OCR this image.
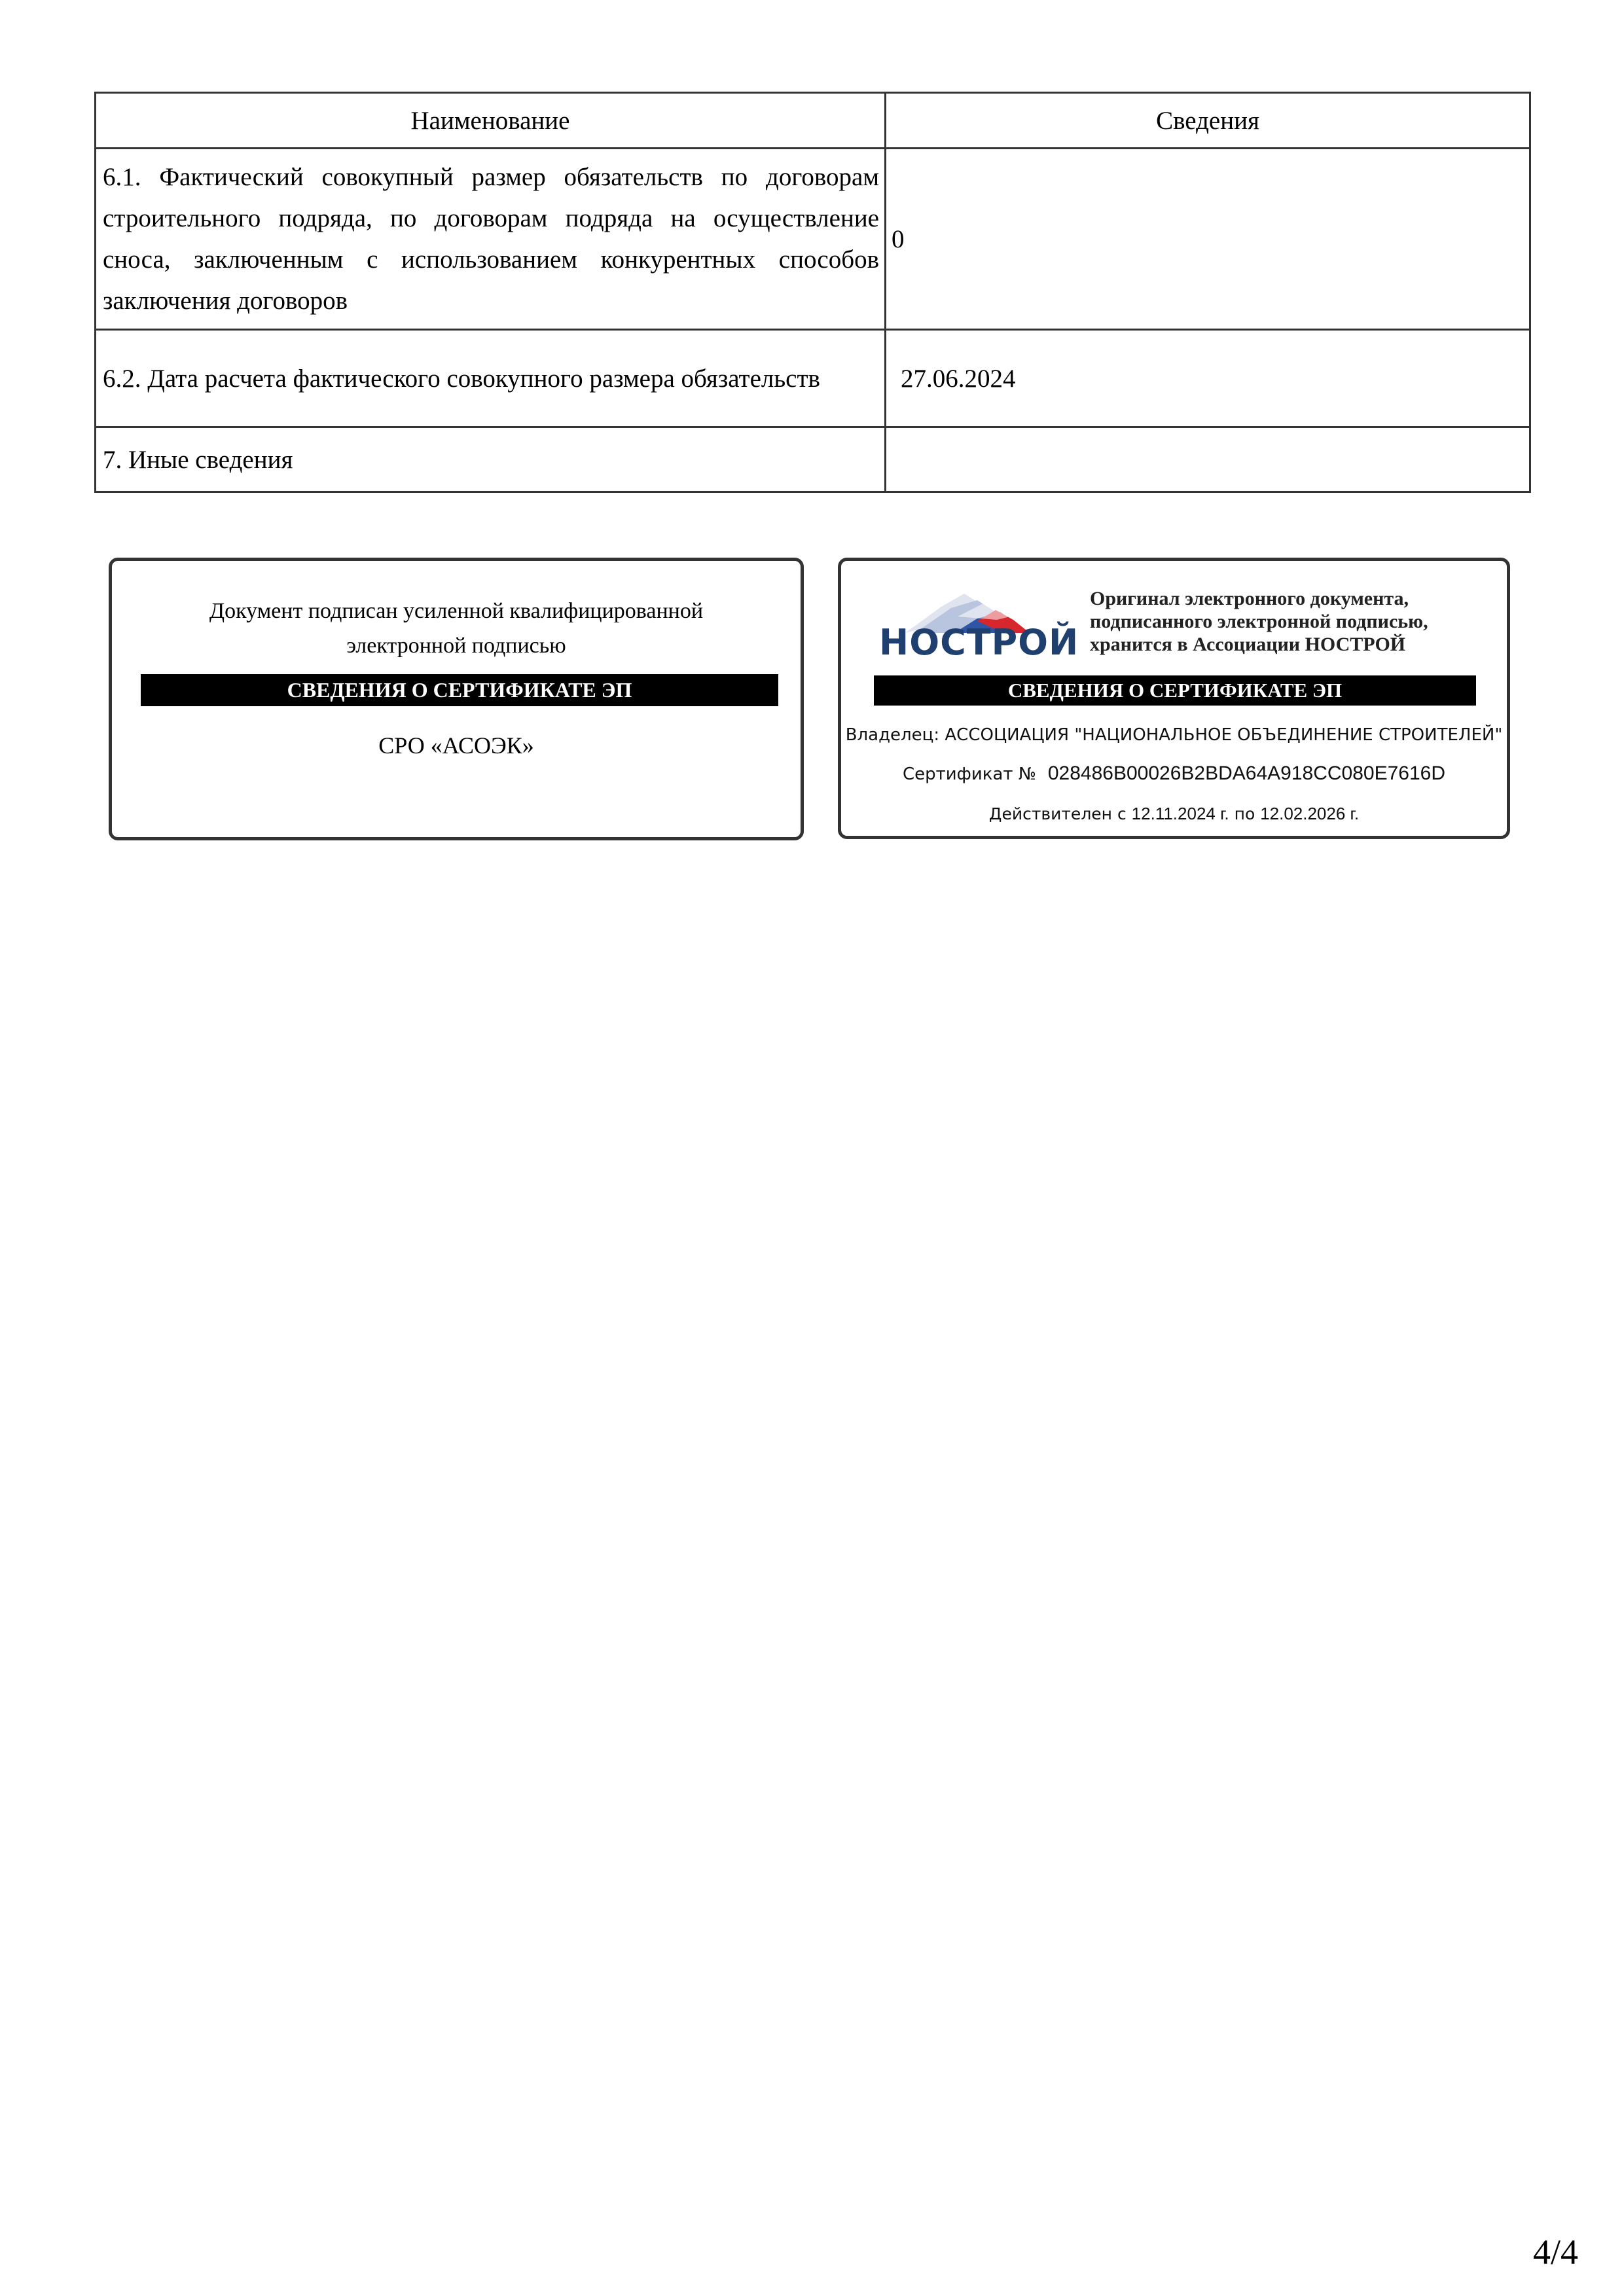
Наименование	Сведения
6.1. Фактический совокупный размер обязательств по договорам строительного подряда, по договорам подряда на осуществление сноса, заключенным с использованием конкурентных способов заключения договоров	0
6.2. Дата расчета фактического совокупного размера обязательств	27.06.2024
7. Иные сведения	
Документ подписан усиленной квалифицированной
электронной подписью
СВЕДЕНИЯ О СЕРТИФИКАТЕ ЭП
СРО «АСОЭК»
НОСТРОЙ
Оригинал электронного документа,
подписанного электронной подписью,
хранится в Ассоциации НОСТРОЙ
СВЕДЕНИЯ О СЕРТИФИКАТЕ ЭП
Владелец: АССОЦИАЦИЯ "НАЦИОНАЛЬНОЕ ОБЪЕДИНЕНИЕ СТРОИТЕЛЕЙ"
Сертификат № 028486B00026B2BDA64A918CC080E7616D
Действителен с 12.11.2024 г. по 12.02.2026 г.
4/4
